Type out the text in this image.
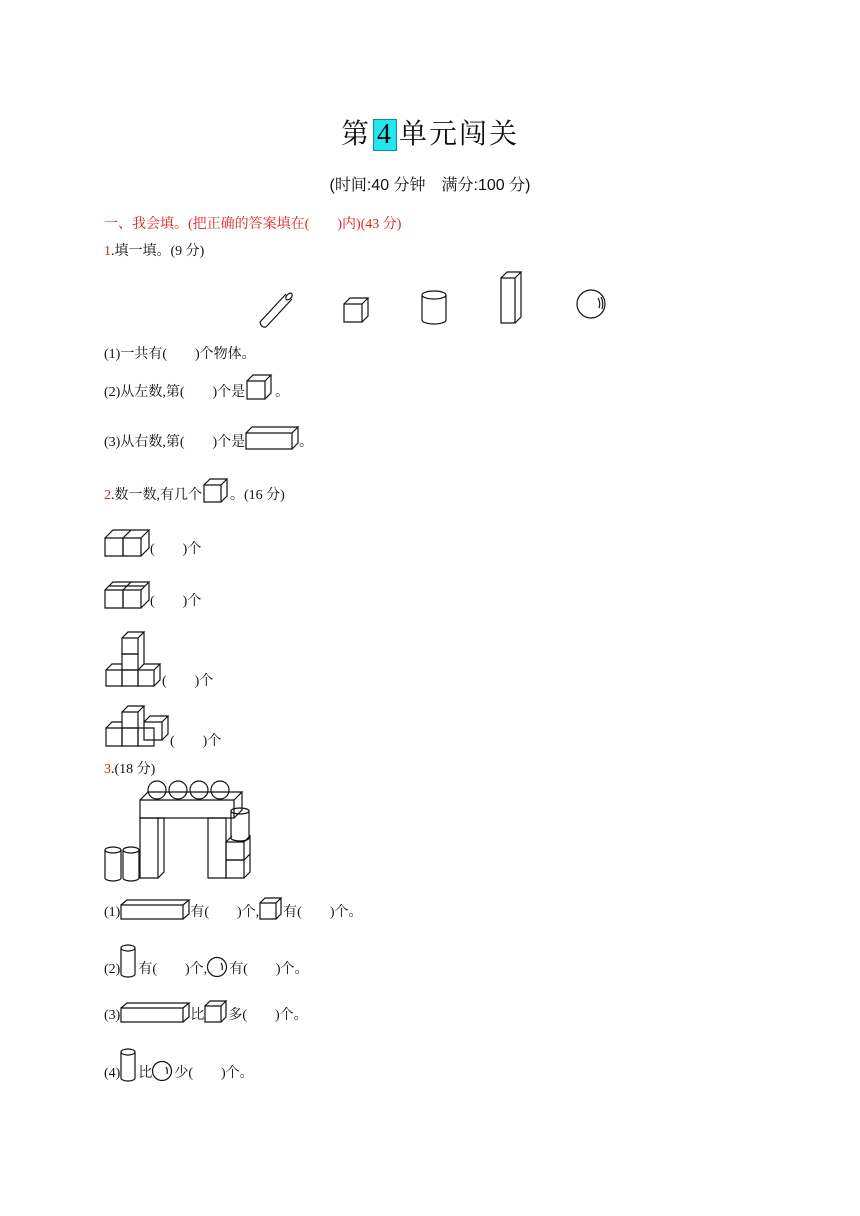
第 4 单元闯关
(时间:40 分钟　满分:100 分)
一、我会填。(把正确的答案填在(　　)内)(43 分)
1.填一填。(9 分)
(1)一共有(　　)个物体。
(2)从左数,第(　　)个是 。
(3)从右数,第(　　)个是	。
2 .数一数,有几个 。(16 分)
(　　)个
(　　)个
(　　)个
(　　)个
3.(18 分)
(1)	有(　　)个, 有(　　)个。
(2) 有(　　)个, 有(　　)个。
(3)	比 多(　　)个。
(4) 比 少(　　)个。
